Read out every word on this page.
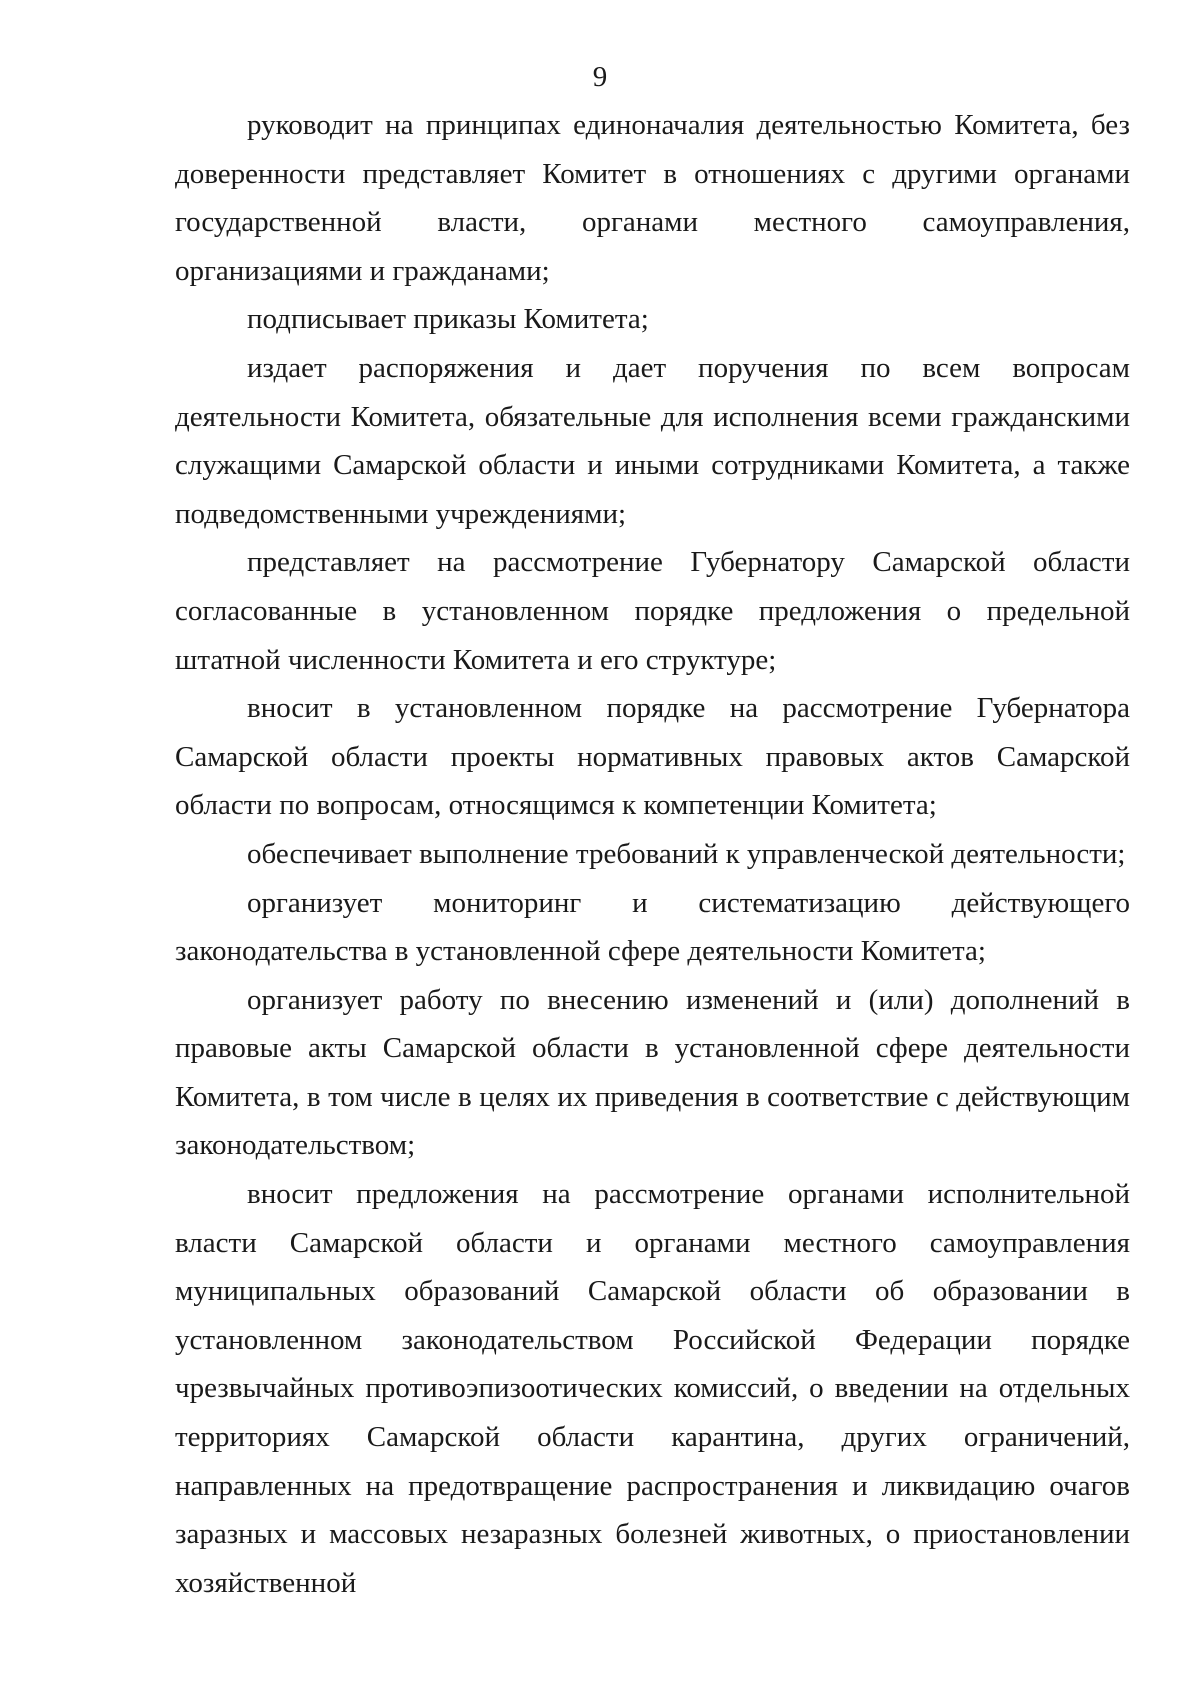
9

руководит на принципах единоначалия деятельностью Комитета, без доверенности представляет Комитет в отношениях с другими органами государственной власти, органами местного самоуправления, организациями и гражданами;

подписывает приказы Комитета;

издает распоряжения и дает поручения по всем вопросам деятельности Комитета, обязательные для исполнения всеми гражданскими служащими Самарской области и иными сотрудниками Комитета, а также подведомственными учреждениями;

представляет на рассмотрение Губернатору Самарской области согласованные в установленном порядке предложения о предельной штатной численности Комитета и его структуре;

вносит в установленном порядке на рассмотрение Губернатора Самарской области проекты нормативных правовых актов Самарской области по вопросам, относящимся к компетенции Комитета;

обеспечивает выполнение требований к управленческой деятельности;

организует мониторинг и систематизацию действующего законодательства в установленной сфере деятельности Комитета;

организует работу по внесению изменений и (или) дополнений в правовые акты Самарской области в установленной сфере деятельности Комитета, в том числе в целях их приведения в соответствие с действующим законодательством;

вносит предложения на рассмотрение органами исполнительной власти Самарской области и органами местного самоуправления муниципальных образований Самарской области об образовании в установленном законодательством Российской Федерации порядке чрезвычайных противоэпизоотических комиссий, о введении на отдельных территориях Самарской области карантина, других ограничений, направленных на предотвращение распространения и ликвидацию очагов заразных и массовых незаразных болезней животных, о приостановлении хозяйственной
